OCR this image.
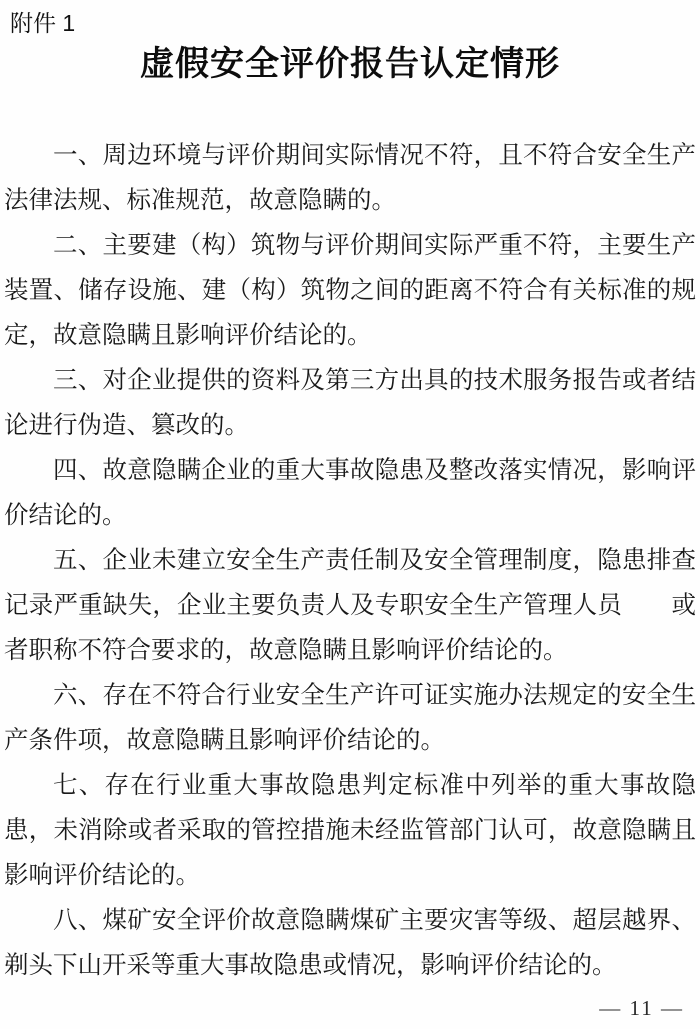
附件 1
虚假安全评价报告认定情形
一、周边环境与评价期间实际情况不符，且不符合安全生产
法律法规、标准规范，故意隐瞒的。
二、主要建（构）筑物与评价期间实际严重不符，主要生产
装置、储存设施、建（构）筑物之间的距离不符合有关标准的规
定，故意隐瞒且影响评价结论的。
三、对企业提供的资料及第三方出具的技术服务报告或者结
论进行伪造、篡改的。
四、故意隐瞒企业的重大事故隐患及整改落实情况，影响评
价结论的。
五、企业未建立安全生产责任制及安全管理制度，隐患排查
记录严重缺失，企业主要负责人及专职安全生产管理人员　　或
者职称不符合要求的，故意隐瞒且影响评价结论的。
六、存在不符合行业安全生产许可证实施办法规定的安全生
产条件项，故意隐瞒且影响评价结论的。
七、存在行业重大事故隐患判定标准中列举的重大事故隐
患，未消除或者采取的管控措施未经监管部门认可，故意隐瞒且
影响评价结论的。
八、煤矿安全评价故意隐瞒煤矿主要灾害等级、超层越界、
剃头下山开采等重大事故隐患或情况，影响评价结论的。
— 11 —
